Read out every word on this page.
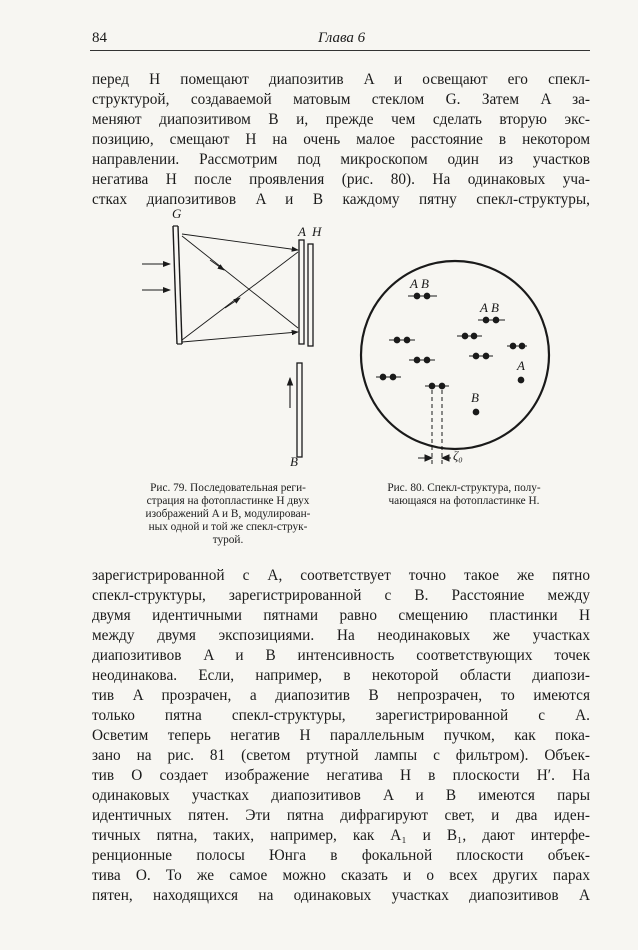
84	Глава 6
перед H помещают диапозитив A и освещают его спекл-
структурой, создаваемой матовым стеклом G. Затем A за-
меняют диапозитивом B и, прежде чем сделать вторую экс-
позицию, смещают H на очень малое расстояние в некотором
направлении. Рассмотрим под микроскопом один из участков
негатива H после проявления (рис. 80). На одинаковых уча-
стках диапозитивов A и B каждому пятну спекл-структуры,
G
A H
B
A B
A B
A
B
ζ₀
Рис. 79. Последовательная реги-
страция на фотопластинке H двух
изображений A и B, модулирован-
ных одной и той же спекл-струк-
турой.
Рис. 80. Спекл-структура, полу-
чающаяся на фотопластинке H.
зарегистрированной с A, соответствует точно такое же пятно
спекл-структуры, зарегистрированной с B. Расстояние между
двумя идентичными пятнами равно смещению пластинки H
между двумя экспозициями. На неодинаковых же участках
диапозитивов A и B интенсивность соответствующих точек
неодинакова. Если, например, в некоторой области диапози-
тив A прозрачен, а диапозитив B непрозрачен, то имеются
только пятна спекл-структуры, зарегистрированной с A.
Осветим теперь негатив H параллельным пучком, как пока-
зано на рис. 81 (светом ртутной лампы с фильтром). Объек-
тив O создает изображение негатива H в плоскости H′. На
одинаковых участках диапозитивов A и B имеются пары
идентичных пятен. Эти пятна дифрагируют свет, и два иден-
тичных пятна, таких, например, как A₁ и B₁, дают интерфе-
ренционные полосы Юнга в фокальной плоскости объек-
тива O. То же самое можно сказать и о всех других парах
пятен, находящихся на одинаковых участках диапозитивов A
